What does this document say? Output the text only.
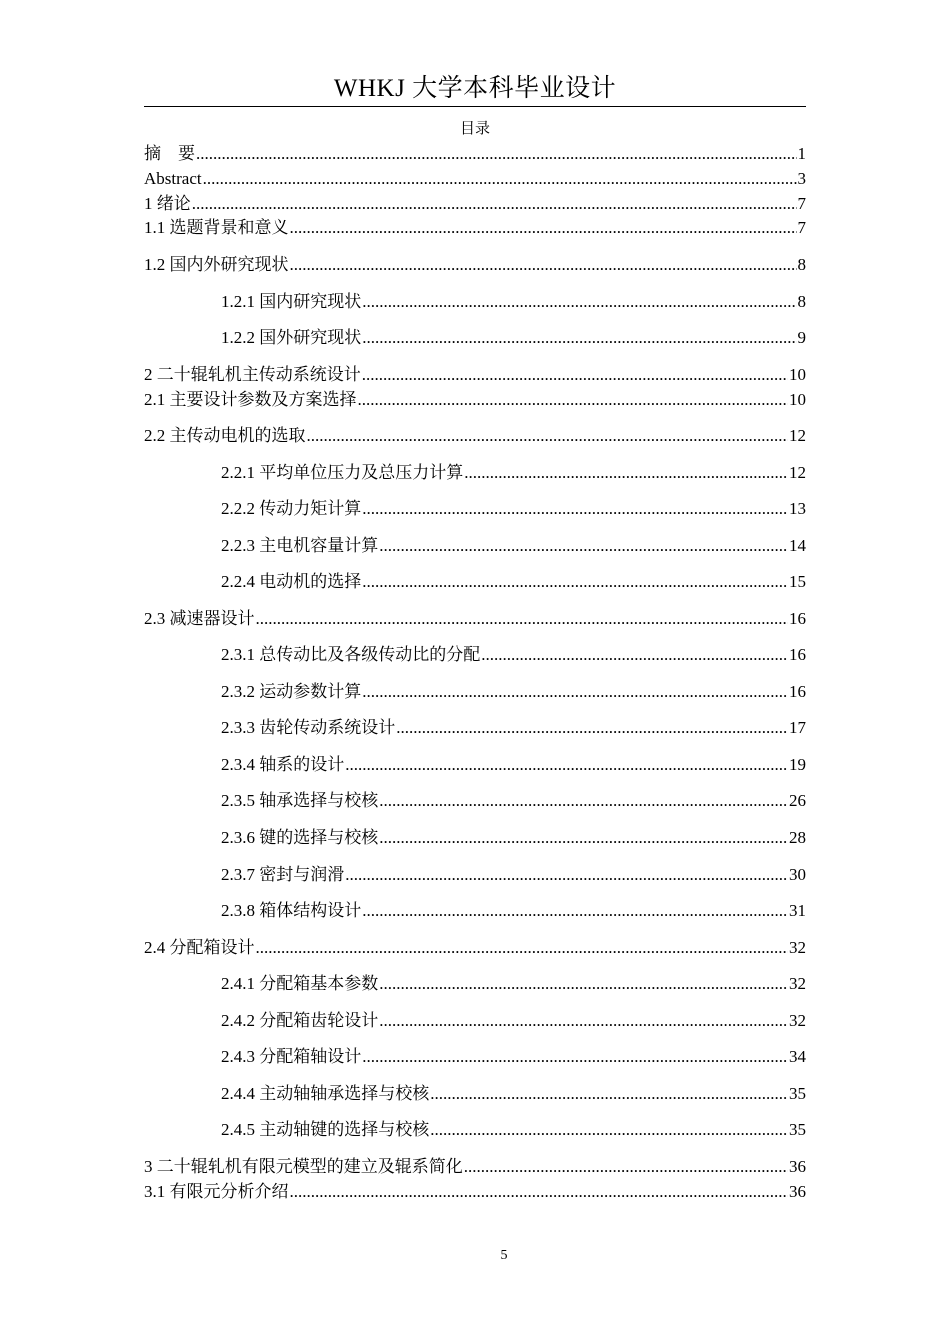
WHKJ 大学本科毕业设计
目录
摘　要 .....	1
Abstract .....	3
1 绪论 .....	7
1.1 选题背景和意义 .....	7
1.2 国内外研究现状 .....	8
1.2.1 国内研究现状 .....	8
1.2.2 国外研究现状 .....	9
2 二十辊轧机主传动系统设计 .....	10
2.1 主要设计参数及方案选择 .....	10
2.2 主传动电机的选取 .....	12
2.2.1 平均单位压力及总压力计算 .....	12
2.2.2 传动力矩计算 .....	13
2.2.3 主电机容量计算 .....	14
2.2.4 电动机的选择 .....	15
2.3 减速器设计 .....	16
2.3.1 总传动比及各级传动比的分配 .....	16
2.3.2 运动参数计算 .....	16
2.3.3 齿轮传动系统设计 .....	17
2.3.4 轴系的设计 .....	19
2.3.5 轴承选择与校核 .....	26
2.3.6 键的选择与校核 .....	28
2.3.7 密封与润滑 .....	30
2.3.8 箱体结构设计 .....	31
2.4 分配箱设计 .....	32
2.4.1 分配箱基本参数 .....	32
2.4.2 分配箱齿轮设计 .....	32
2.4.3 分配箱轴设计 .....	34
2.4.4 主动轴轴承选择与校核 .....	35
2.4.5 主动轴键的选择与校核 .....	35
3 二十辊轧机有限元模型的建立及辊系简化 .....	36
3.1 有限元分析介绍 .....	36
5
